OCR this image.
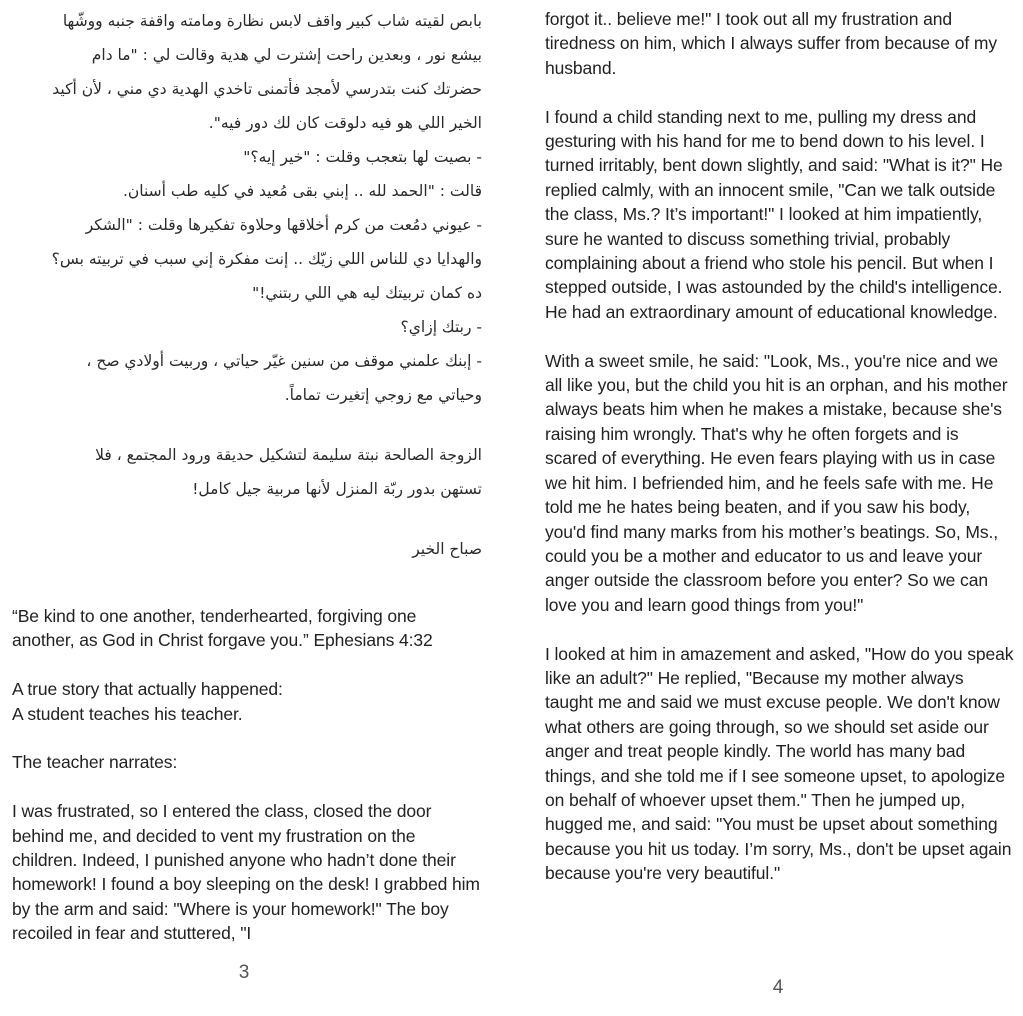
بابص لقيته شاب كبير واقف لابس نظارة ومامته واقفة جنبه ووشّها

بيشع نور ، وبعدين راحت إشترت لي هدية وقالت لي : "ما دام

حضرتك كنت بتدرسي لأمجد فأتمنى تاخدي الهدية دي مني ، لأن أكيد

الخير اللي هو فيه دلوقت كان لك دور فيه".

- بصيت لها بتعجب وقلت : "خير إيه؟"

قالت : "الحمد لله .. إبني بقى مُعيد في كليه طب أسنان.

- عيوني دمُعت من كرم أخلاقها وحلاوة تفكيرها وقلت : "الشكر

والهدايا دي للناس اللي زيّك .. إنت مفكرة إني سبب في تربيته بس؟

ده كمان تربيتك ليه هي اللي ربتني!"

- ربتك إزاي؟

- إبنك علمني موقف من سنين غيّر حياتي ، وربيت أولادي صح ،

وحياتي مع زوجي إتغيرت تماماً.

الزوجة الصالحة نبتة سليمة لتشكيل حديقة ورود المجتمع ، فلا

تستهن بدور ربّة المنزل لأنها مربية جيل كامل!

صباح الخير

“Be kind to one another, tenderhearted, forgiving one another, as God in Christ forgave you.” Ephesians 4:32

A true story that actually happened:
A student teaches his teacher.

The teacher narrates:

I was frustrated, so I entered the class, closed the door behind me, and decided to vent my frustration on the children. Indeed, I punished anyone who hadn’t done their homework! I found a boy sleeping on the desk! I grabbed him by the arm and said: "Where is your homework!" The boy recoiled in fear and stuttered, "I

3

forgot it.. believe me!" I took out all my frustration and tiredness on him, which I always suffer from because of my husband.

I found a child standing next to me, pulling my dress and gesturing with his hand for me to bend down to his level. I turned irritably, bent down slightly, and said: "What is it?" He replied calmly, with an innocent smile, "Can we talk outside the class, Ms.? It’s important!" I looked at him impatiently, sure he wanted to discuss something trivial, probably complaining about a friend who stole his pencil. But when I stepped outside, I was astounded by the child's intelligence. He had an extraordinary amount of educational knowledge.

With a sweet smile, he said: "Look, Ms., you're nice and we all like you, but the child you hit is an orphan, and his mother always beats him when he makes a mistake, because she's raising him wrongly. That's why he often forgets and is scared of everything. He even fears playing with us in case we hit him. I befriended him, and he feels safe with me. He told me he hates being beaten, and if you saw his body, you'd find many marks from his mother’s beatings. So, Ms., could you be a mother and educator to us and leave your anger outside the classroom before you enter? So we can love you and learn good things from you!"

I looked at him in amazement and asked, "How do you speak like an adult?" He replied, "Because my mother always taught me and said we must excuse people. We don't know what others are going through, so we should set aside our anger and treat people kindly. The world has many bad things, and she told me if I see someone upset, to apologize on behalf of whoever upset them." Then he jumped up, hugged me, and said: "You must be upset about something because you hit us today. I’m sorry, Ms., don't be upset again because you're very beautiful."

4
